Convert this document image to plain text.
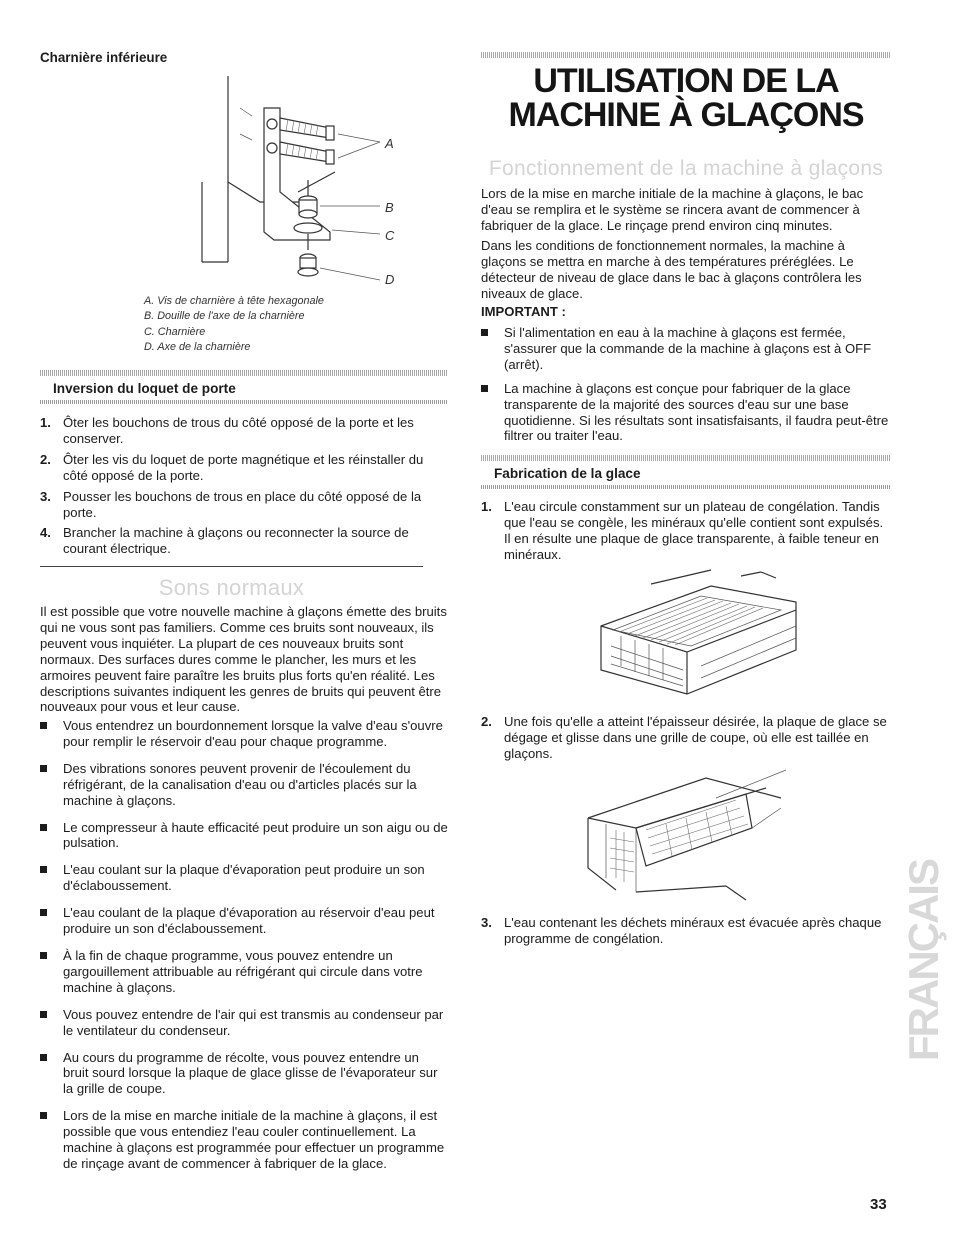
Charnière inférieure
A
B
C
D
A. Vis de charnière à tête hexagonale
B. Douille de l'axe de la charnière
C. Charnière
D. Axe de la charnière
Inversion du loquet de porte
1. Ôter les bouchons de trous du côté opposé de la porte et les conserver.
2. Ôter les vis du loquet de porte magnétique et les réinstaller du côté opposé de la porte.
3. Pousser les bouchons de trous en place du côté opposé de la porte.
4. Brancher la machine à glaçons ou reconnecter la source de courant électrique.
Sons normaux

Il est possible que votre nouvelle machine à glaçons émette des bruits qui ne vous sont pas familiers. Comme ces bruits sont nouveaux, ils peuvent vous inquiéter. La plupart de ces nouveaux bruits sont normaux. Des surfaces dures comme le plancher, les murs et les armoires peuvent faire paraître les bruits plus forts qu'en réalité. Les descriptions suivantes indiquent les genres de bruits qui peuvent être nouveaux pour vous et leur cause.

Vous entendrez un bourdonnement lorsque la valve d'eau s'ouvre pour remplir le réservoir d'eau pour chaque programme.
Des vibrations sonores peuvent provenir de l'écoulement du réfrigérant, de la canalisation d'eau ou d'articles placés sur la machine à glaçons.
Le compresseur à haute efficacité peut produire un son aigu ou de pulsation.
L'eau coulant sur la plaque d'évaporation peut produire un son d'éclaboussement.
L'eau coulant de la plaque d'évaporation au réservoir d'eau peut produire un son d'éclaboussement.
À la fin de chaque programme, vous pouvez entendre un gargouillement attribuable au réfrigérant qui circule dans votre machine à glaçons.
Vous pouvez entendre de l'air qui est transmis au condenseur par le ventilateur du condenseur.
Au cours du programme de récolte, vous pouvez entendre un bruit sourd lorsque la plaque de glace glisse de l'évaporateur sur la grille de coupe.
Lors de la mise en marche initiale de la machine à glaçons, il est possible que vous entendiez l'eau couler continuellement. La machine à glaçons est programmée pour effectuer un programme de rinçage avant de commencer à fabriquer de la glace.
UTILISATION DE LA
MACHINE À GLAÇONS
Fonctionnement de la machine à glaçons

Lors de la mise en marche initiale de la machine à glaçons, le bac d'eau se remplira et le système se rincera avant de commencer à fabriquer de la glace. Le rinçage prend environ cinq minutes.

Dans les conditions de fonctionnement normales, la machine à glaçons se mettra en marche à des températures préréglées. Le détecteur de niveau de glace dans le bac à glaçons contrôlera les niveaux de glace.

IMPORTANT :
Si l'alimentation en eau à la machine à glaçons est fermée, s'assurer que la commande de la machine à glaçons est à OFF (arrêt).
La machine à glaçons est conçue pour fabriquer de la glace transparente de la majorité des sources d'eau sur une base quotidienne. Si les résultats sont insatisfaisants, il faudra peut-être filtrer ou traiter l'eau.
Fabrication de la glace
1. L'eau circule constamment sur un plateau de congélation. Tandis que l'eau se congèle, les minéraux qu'elle contient sont expulsés. Il en résulte une plaque de glace transparente, à faible teneur en minéraux.
2. Une fois qu'elle a atteint l'épaisseur désirée, la plaque de glace se dégage et glisse dans une grille de coupe, où elle est taillée en glaçons.
3. L'eau contenant les déchets minéraux est évacuée après chaque programme de congélation.	FRANÇAIS
33
